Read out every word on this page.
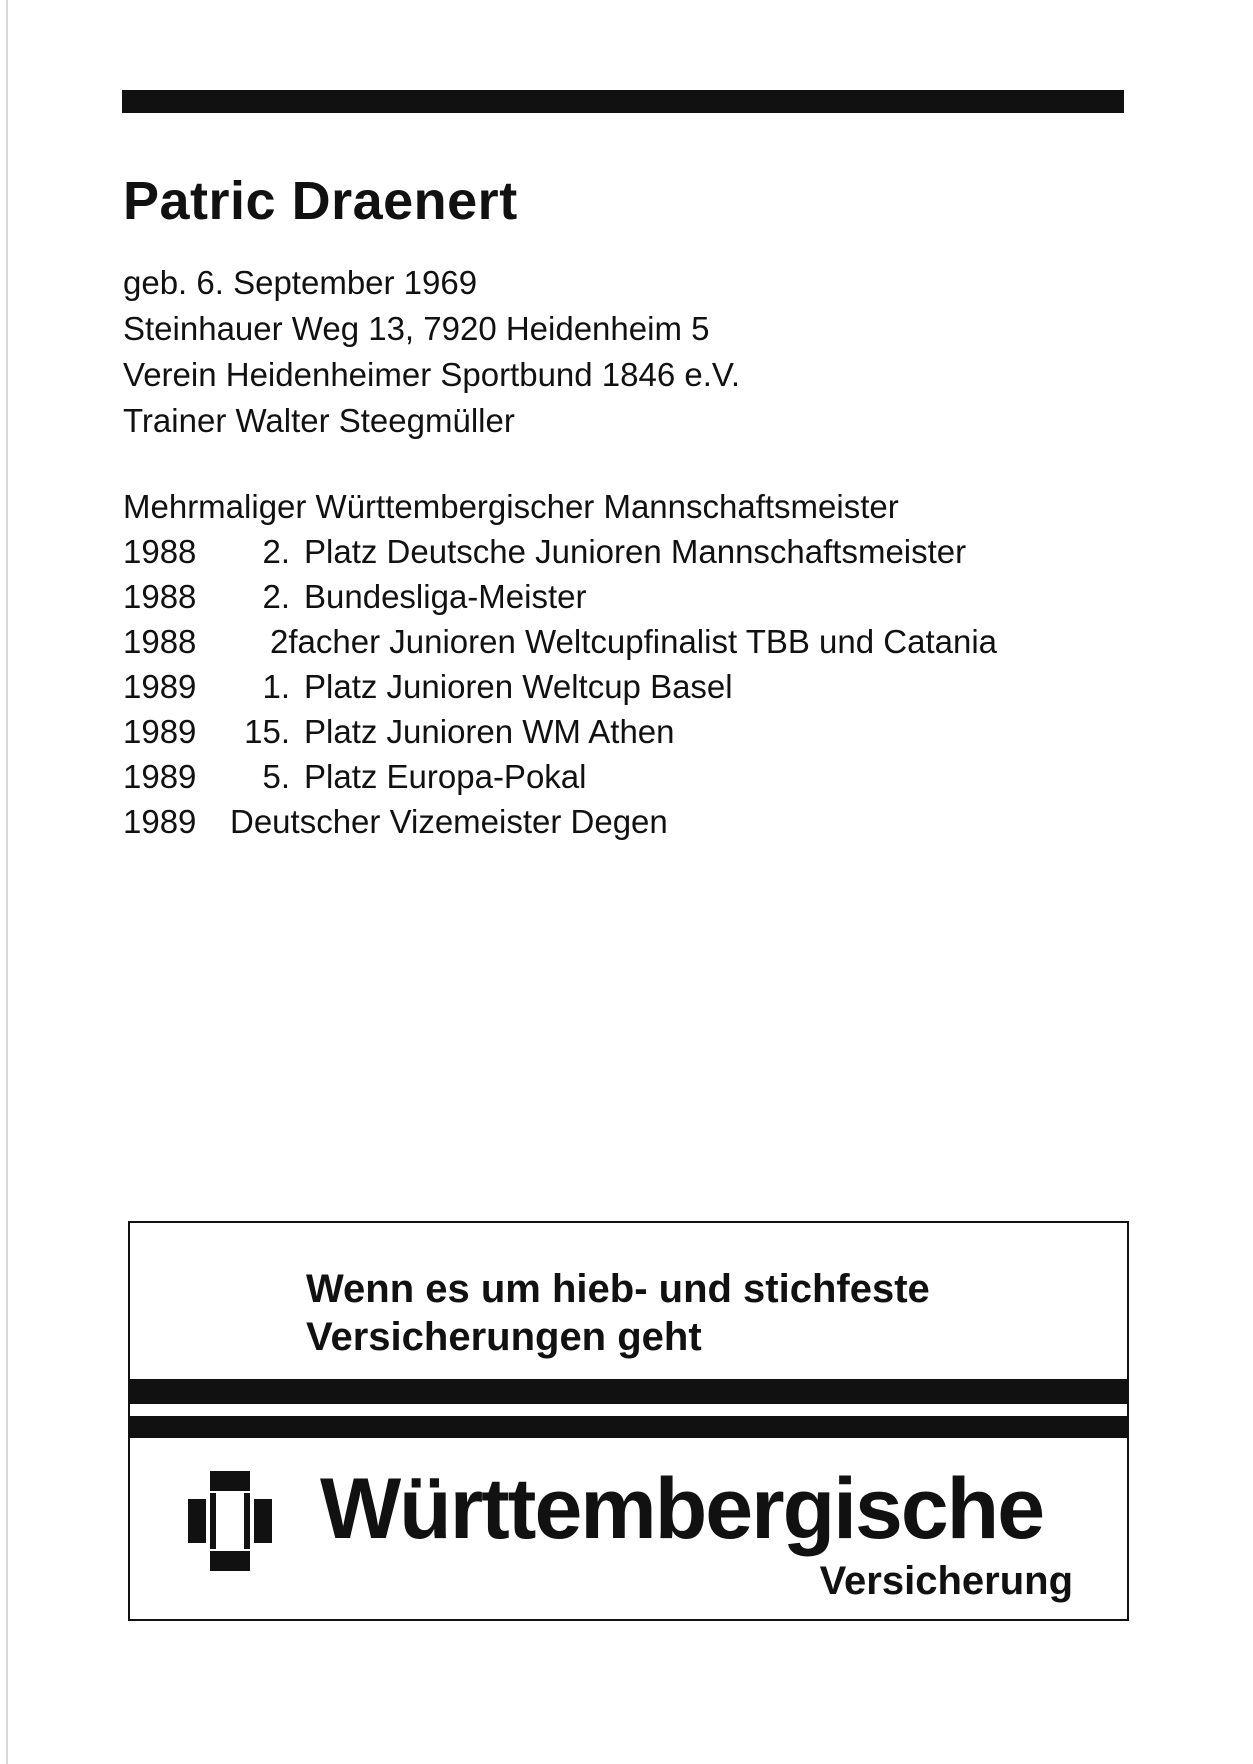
Patric Draenert
geb. 6. September 1969
Steinhauer Weg 13, 7920 Heidenheim 5
Verein Heidenheimer Sportbund 1846 e.V.
Trainer Walter Steegmüller
Mehrmaliger Württembergischer Mannschaftsmeister
1988	2. Platz Deutsche Junioren Mannschaftsmeister
1988	2. Bundesliga-Meister
1988	2facher Junioren Weltcupfinalist TBB und Catania
1989	1. Platz Junioren Weltcup Basel
1989	15. Platz Junioren WM Athen
1989	5. Platz Europa-Pokal
1989	Deutscher Vizemeister Degen
Wenn es um hieb- und stichfeste
Versicherungen geht
Württembergische
Versicherung
